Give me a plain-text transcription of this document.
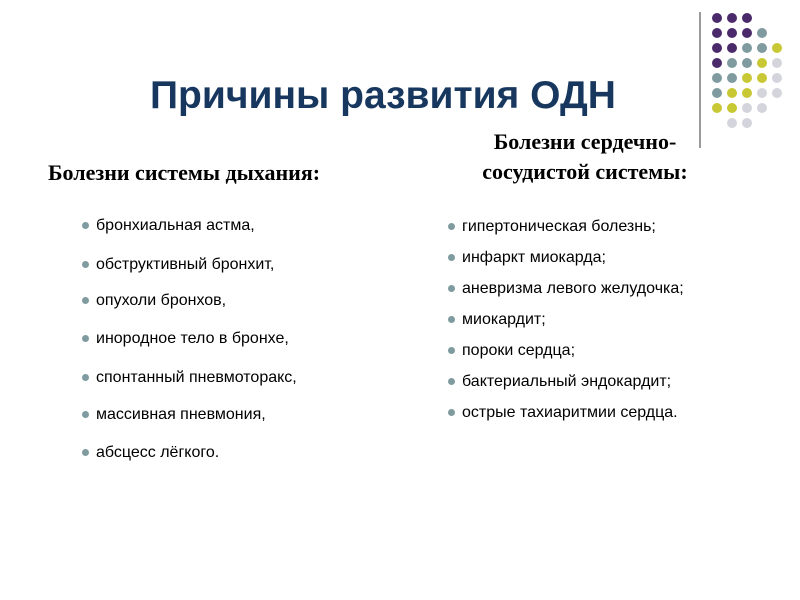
Причины развития ОДН
Болезни системы дыхания:
Болезни сердечно-
сосудистой системы:
бронхиальная астма,
обструктивный бронхит,
опухоли бронхов,
инородное тело в бронхе,
спонтанный пневмоторакс,
массивная пневмония,
абсцесс лёгкого.
гипертоническая болезнь;
инфаркт миокарда;
аневризма левого желудочка;
миокардит;
пороки сердца;
бактериальный эндокардит;
острые тахиаритмии сердца.
